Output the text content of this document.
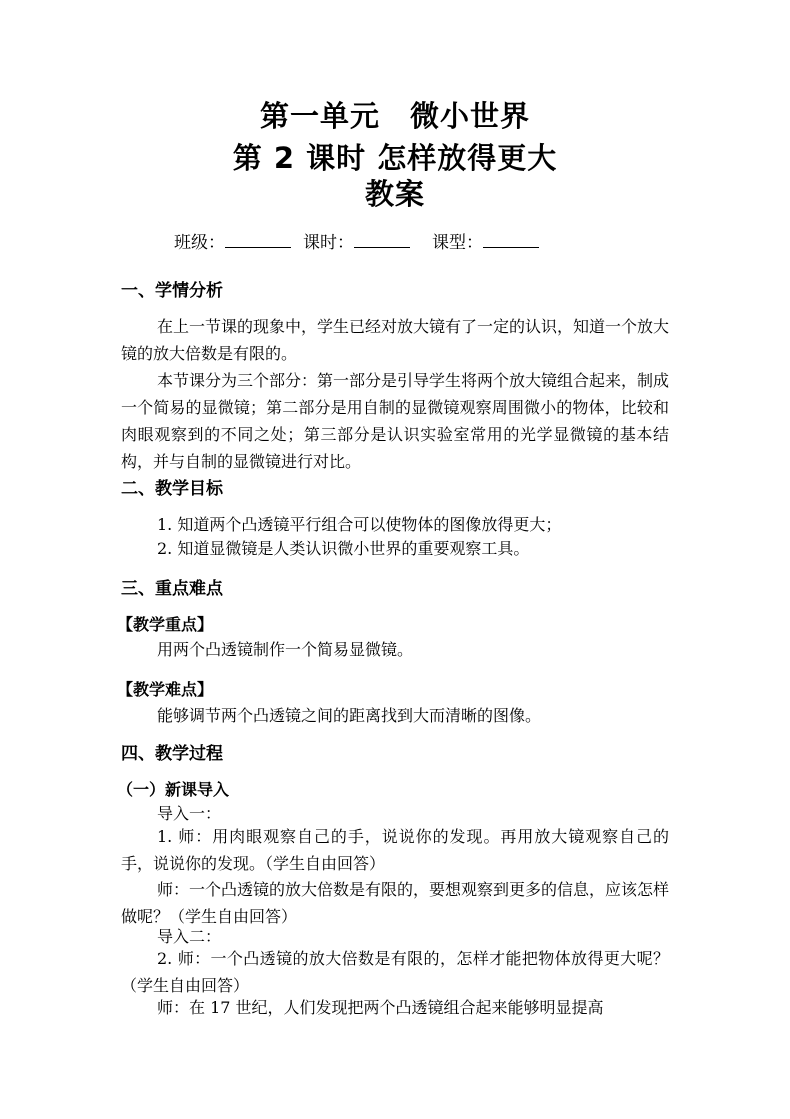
第一单元　微小世界
第 2 课时 怎样放得更大
教案
班级：	课时：	课型：
一、学情分析
在上一节课的现象中，学生已经对放大镜有了一定的认识，知道一个放大镜的放大倍数是有限的。
本节课分为三个部分：第一部分是引导学生将两个放大镜组合起来，制成一个简易的显微镜；第二部分是用自制的显微镜观察周围微小的物体，比较和肉眼观察到的不同之处；第三部分是认识实验室常用的光学显微镜的基本结构，并与自制的显微镜进行对比。
二、教学目标
1. 知道两个凸透镜平行组合可以使物体的图像放得更大；
2. 知道显微镜是人类认识微小世界的重要观察工具。
三、重点难点
【教学重点】
用两个凸透镜制作一个简易显微镜。
【教学难点】
能够调节两个凸透镜之间的距离找到大而清晰的图像。
四、教学过程
（一）新课导入
导入一：
1. 师：用肉眼观察自己的手，说说你的发现。再用放大镜观察自己的手，说说你的发现。（学生自由回答）
师：一个凸透镜的放大倍数是有限的，要想观察到更多的信息，应该怎样做呢？（学生自由回答）
导入二：
2. 师：一个凸透镜的放大倍数是有限的，怎样才能把物体放得更大呢？（学生自由回答）
师：在 17 世纪，人们发现把两个凸透镜组合起来能够明显提高
